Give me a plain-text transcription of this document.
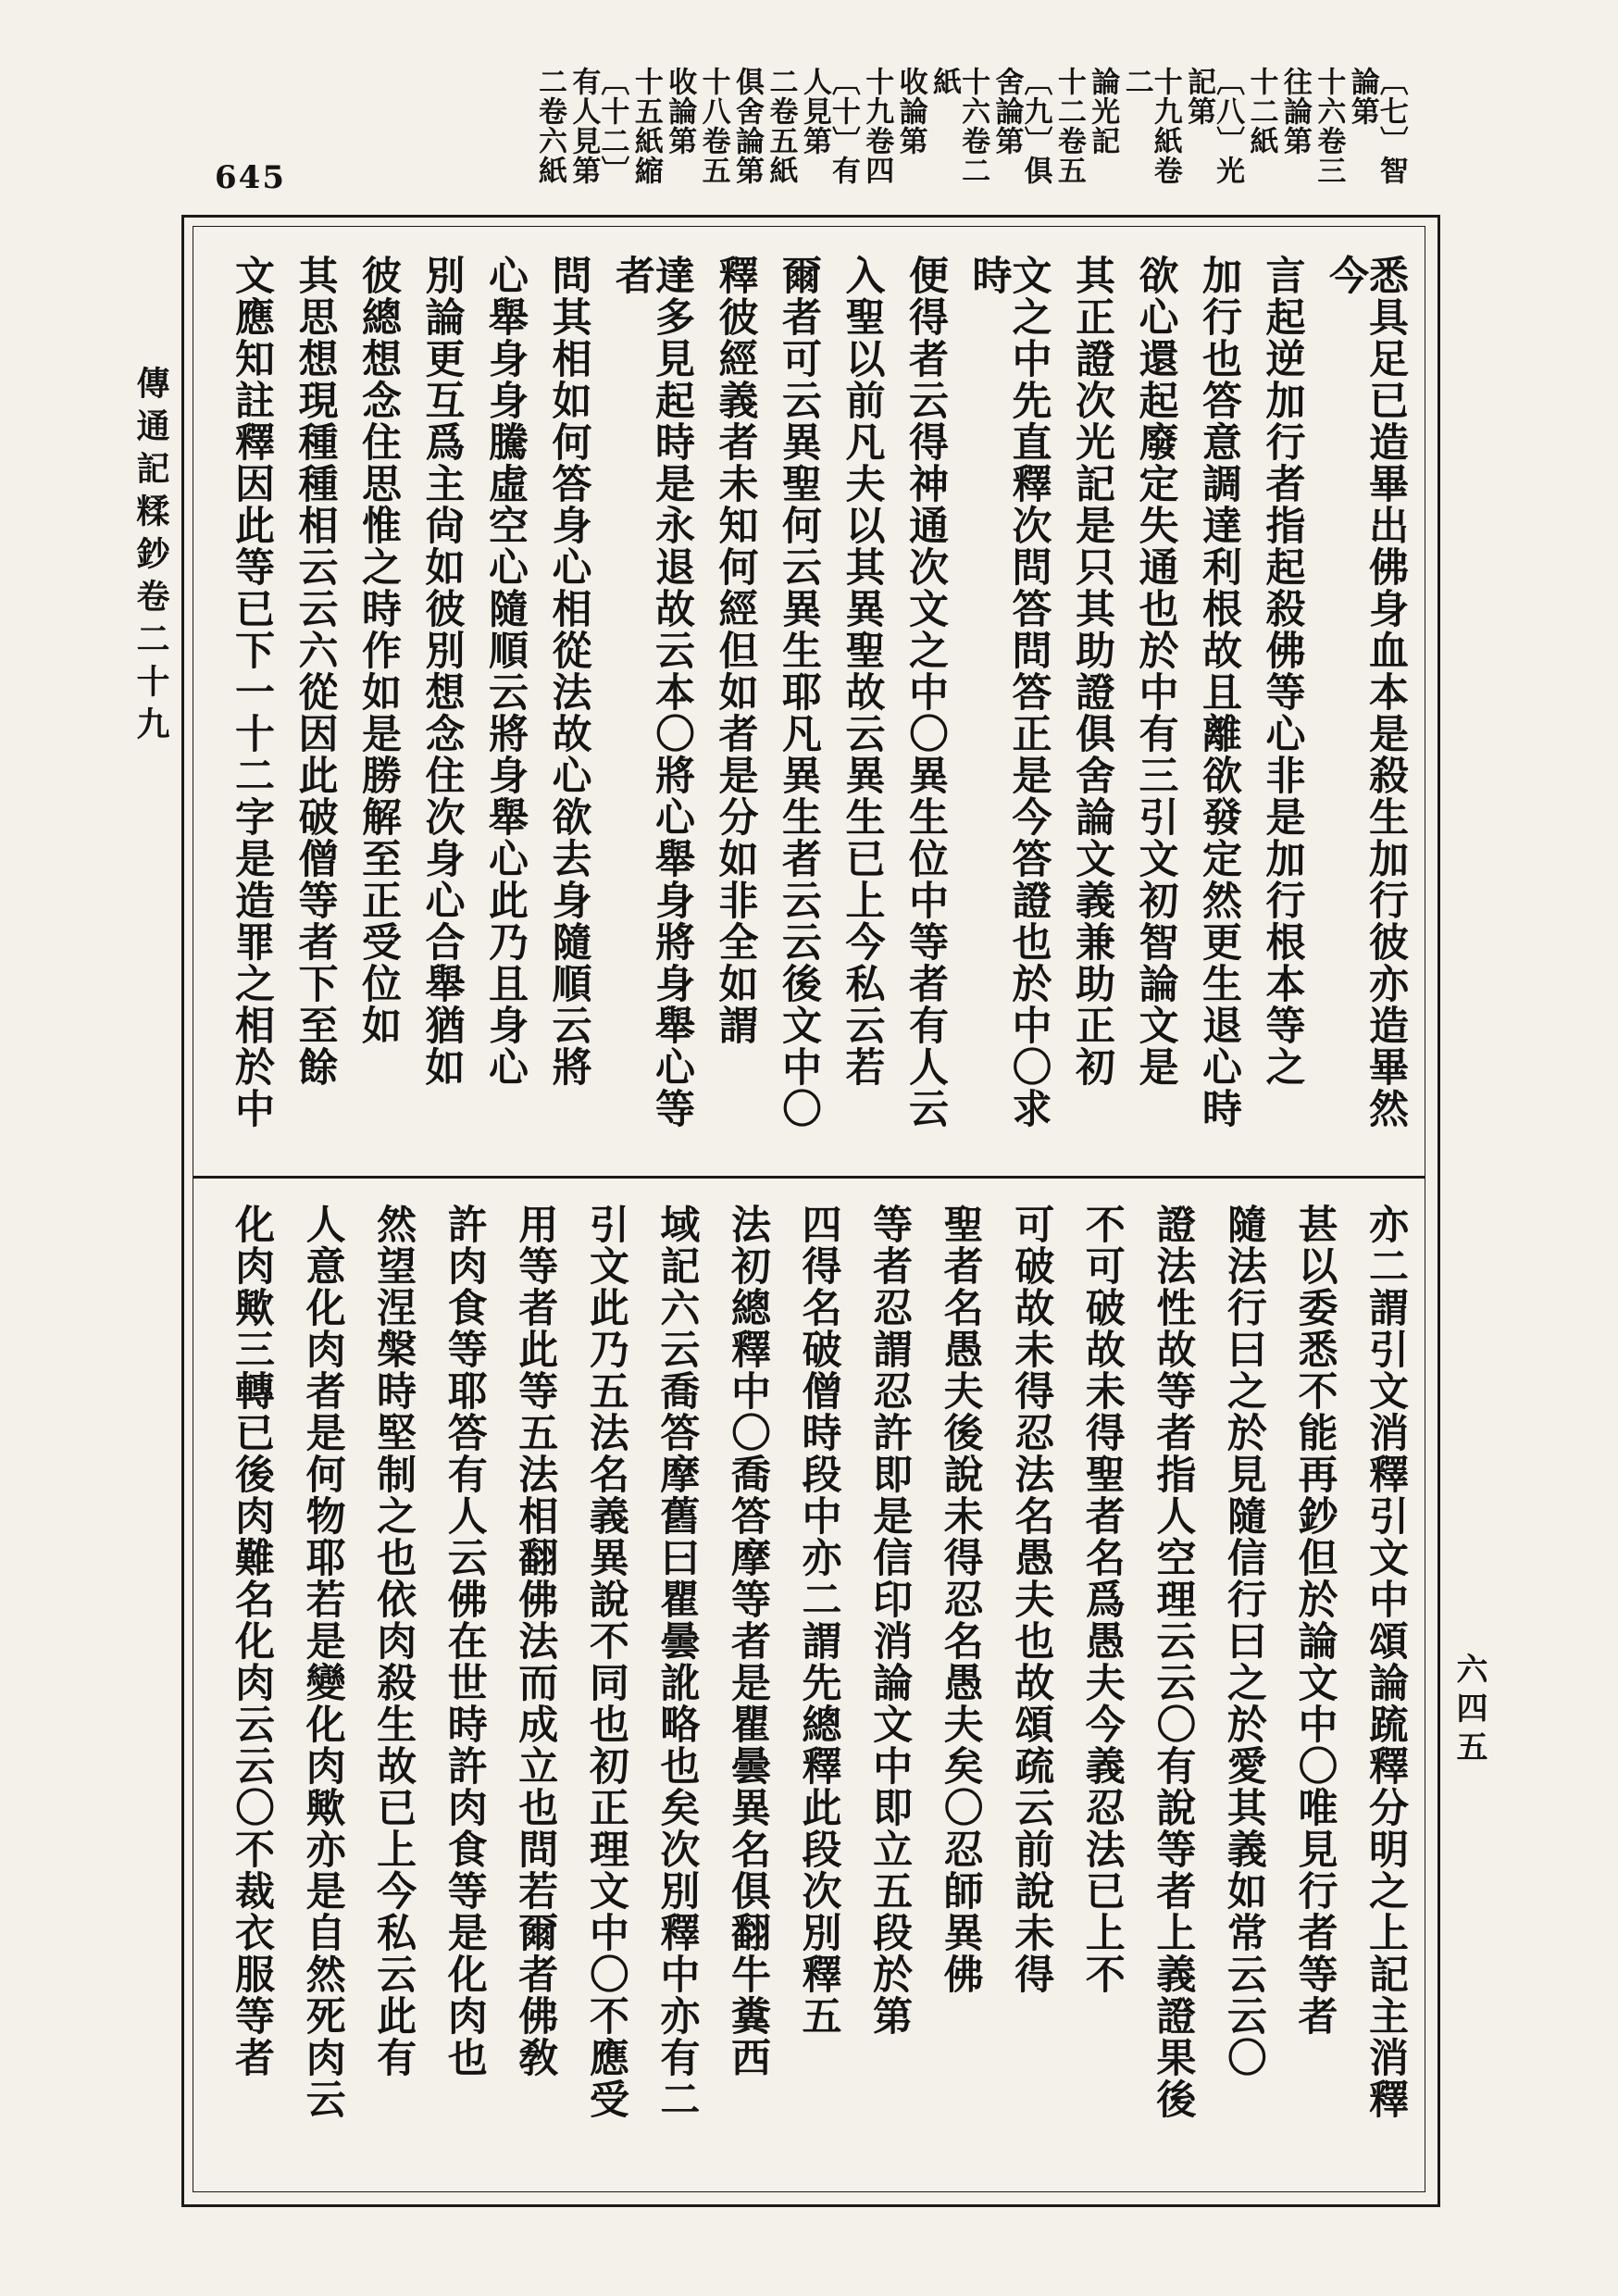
645	〔七〕智論第
十六卷三
往論第
十二紙
〔八〕光記第
十九紙卷二
論光記
十二卷五
〔九〕俱舍論第
十六卷二紙
收論第
十九卷四
〔十〕有人見第
二卷五紙
俱舍論第
十八卷五
收論第
十五紙縮
〔十二〕有人見第
二卷六紙
傳通記糅鈔卷二十九	悉具足已造畢出佛身血本是殺生加行彼亦造畢然今
言起逆加行者指起殺佛等心非是加行根本等之
加行也答意調達利根故且離欲發定然更生退心時
欲心還起廢定失通也於中有三引文初智論文是
其正證次光記是只其助證俱舍論文義兼助正初
文之中先直釋次問答問答正是今答證也於中〇求時
便得者云得神通次文之中〇異生位中等者有人云
入聖以前凡夫以其異聖故云異生已上今私云若
爾者可云異聖何云異生耶凡異生者云云後文中〇
釋彼經義者未知何經但如者是分如非全如謂
達多見起時是永退故云本〇將心舉身將身舉心等者
問其相如何答身心相從法故心欲去身隨順云將
心舉身身騰虛空心隨順云將身舉心此乃且身心
別論更互爲主尙如彼別想念住次身心合舉猶如
彼總想念住思惟之時作如是勝解至正受位如
其思想現種種相云云六從因此破僧等者下至餘
文應知註釋因此等已下一十二字是造罪之相於中
亦二謂引文消釋引文中頌論䟽釋分明之上記主消釋
甚以委悉不能再鈔但於論文中〇唯見行者等者
隨法行曰之於見隨信行曰之於愛其義如常云云〇
證法性故等者指人空理云云〇有說等者上義證果後
不可破故未得聖者名爲愚夫今義忍法已上不
可破故未得忍法名愚夫也故頌疏云前說未得
聖者名愚夫後說未得忍名愚夫矣〇忍師異佛
等者忍謂忍許即是信印消論文中即立五段於第
四得名破僧時段中亦二謂先總釋此段次別釋五
法初總釋中〇喬答摩等者是瞿曇異名俱翻牛糞西
域記六云喬答摩舊曰瞿曇訛略也矣次別釋中亦有二
引文此乃五法名義異說不同也初正理文中〇不應受
用等者此等五法相翻佛法而成立也問若爾者佛敎
許肉食等耶答有人云佛在世時許肉食等是化肉也
然望涅槃時堅制之也依肉殺生故已上今私云此有
人意化肉者是何物耶若是變化肉歟亦是自然死肉云
化肉歟三轉已後肉難名化肉云云〇不裁衣服等者	六四五
